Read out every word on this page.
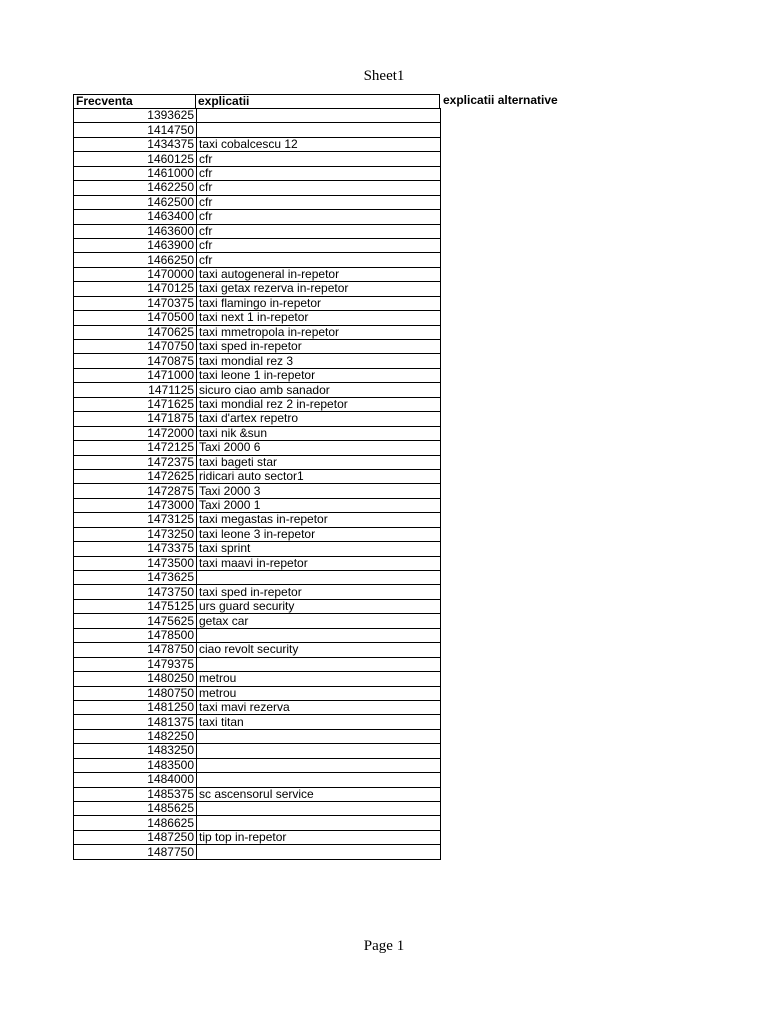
Sheet1
Frecventa	explicatii	explicatii alternative
1393625	
1414750	
1434375	taxi cobalcescu 12
1460125	cfr
1461000	cfr
1462250	cfr
1462500	cfr
1463400	cfr
1463600	cfr
1463900	cfr
1466250	cfr
1470000	taxi autogeneral in-repetor
1470125	taxi getax rezerva in-repetor
1470375	taxi flamingo in-repetor
1470500	taxi next 1 in-repetor
1470625	taxi mmetropola in-repetor
1470750	taxi sped in-repetor
1470875	taxi mondial rez 3
1471000	taxi leone 1 in-repetor
1471125	sicuro ciao amb sanador
1471625	taxi mondial rez 2 in-repetor
1471875	taxi d'artex repetro
1472000	taxi nik &sun
1472125	Taxi 2000 6
1472375	taxi bageti star
1472625	ridicari auto sector1
1472875	Taxi 2000 3
1473000	Taxi 2000 1
1473125	taxi megastas in-repetor
1473250	taxi leone 3 in-repetor
1473375	taxi sprint
1473500	taxi maavi in-repetor
1473625	
1473750	taxi sped in-repetor
1475125	urs guard security
1475625	getax car
1478500	
1478750	ciao revolt security
1479375	
1480250	metrou
1480750	metrou
1481250	taxi mavi rezerva
1481375	taxi titan
1482250	
1483250	
1483500	
1484000	
1485375	sc ascensorul service
1485625	
1486625	
1487250	tip top in-repetor
1487750	
Page 1
